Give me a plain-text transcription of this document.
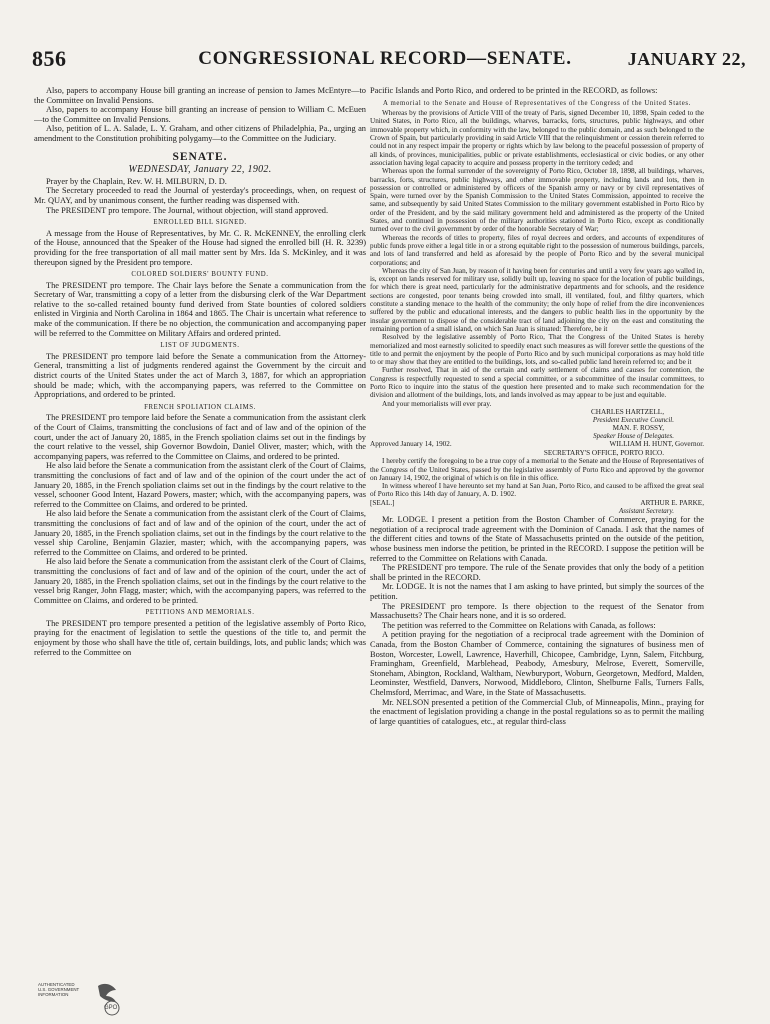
856	CONGRESSIONAL RECORD—SENATE.	JANUARY 22,

Also, papers to accompany House bill granting an increase of pension to James McEntyre—to the Committee on Invalid Pensions.

Also, papers to accompany House bill granting an increase of pension to William C. McEuen—to the Committee on Invalid Pensions.

Also, petition of L. A. Salade, L. Y. Graham, and other citizens of Philadelphia, Pa., urging an amendment to the Constitution prohibiting polygamy—to the Committee on the Judiciary.

SENATE.

WEDNESDAY, January 22, 1902.

Prayer by the Chaplain, Rev. W. H. MILBURN, D. D.

The Secretary proceeded to read the Journal of yesterday's proceedings, when, on request of Mr. QUAY, and by unanimous consent, the further reading was dispensed with.

The PRESIDENT pro tempore. The Journal, without objection, will stand approved.

ENROLLED BILL SIGNED.

A message from the House of Representatives, by Mr. C. R. McKENNEY, the enrolling clerk of the House, announced that the Speaker of the House had signed the enrolled bill (H. R. 3239) providing for the free transportation of all mail matter sent by Mrs. Ida S. McKinley, and it was thereupon signed by the President pro tempore.

COLORED SOLDIERS' BOUNTY FUND.

The PRESIDENT pro tempore. The Chair lays before the Senate a communication from the Secretary of War, transmitting a copy of a letter from the disbursing clerk of the War Department relative to the so-called retained bounty fund derived from State bounties of colored soldiers enlisted in Virginia and North Carolina in 1864 and 1865. The Chair is uncertain what reference to make of the communication. If there be no objection, the communication and accompanying paper will be referred to the Committee on Military Affairs and ordered printed.

LIST OF JUDGMENTS.

The PRESIDENT pro tempore laid before the Senate a communication from the Attorney-General, transmitting a list of judgments rendered against the Government by the circuit and district courts of the United States under the act of March 3, 1887, for which an appropriation should be made; which, with the accompanying papers, was referred to the Committee on Appropriations, and ordered to be printed.

FRENCH SPOLIATION CLAIMS.

The PRESIDENT pro tempore laid before the Senate a communication from the assistant clerk of the Court of Claims, transmitting the conclusions of fact and of law and of the opinion of the court, under the act of January 20, 1885, in the French spoliation claims set out in the findings by the court relative to the vessel, ship Governor Bowdoin, Daniel Oliver, master; which, with the accompanying papers, was referred to the Committee on Claims, and ordered to be printed.

He also laid before the Senate a communication from the assistant clerk of the Court of Claims, transmitting the conclusions of fact and of law and of the opinion of the court under the act of January 20, 1885, in the French spoliation claims set out in the findings by the court relative to the vessel, schooner Good Intent, Hazard Powers, master; which, with the accompanying papers, was referred to the Committee on Claims, and ordered to be printed.

He also laid before the Senate a communication from the assistant clerk of the Court of Claims, transmitting the conclusions of fact and of law and of the opinion of the court, under the act of January 20, 1885, in the French spoliation claims, set out in the findings by the court relative to the vessel ship Caroline, Benjamin Glazier, master; which, with the accompanying papers, was referred to the Committee on Claims, and ordered to be printed.

He also laid before the Senate a communication from the assistant clerk of the Court of Claims, transmitting the conclusions of fact and of law and of the opinion of the court, under the act of January 20, 1885, in the French spoliation claims, set out in the findings by the court relative to the vessel brig Ranger, John Flagg, master; which, with the accompanying papers, was referred to the Committee on Claims, and ordered to be printed.

PETITIONS AND MEMORIALS.

The PRESIDENT pro tempore presented a petition of the legislative assembly of Porto Rico, praying for the enactment of legislation to settle the questions of the title to, and permit the enjoyment by those who shall have the title of, certain buildings, lots, and public lands; which was referred to the Committee on

Pacific Islands and Porto Rico, and ordered to be printed in the RECORD, as follows:

A memorial to the Senate and House of Representatives of the Congress of the United States.

Whereas by the provisions of Article VIII of the treaty of Paris, signed December 10, 1898, Spain ceded to the United States, in Porto Rico, all the buildings, wharves, barracks, forts, structures, public highways, and other immovable property which, in conformity with the law, belonged to the public domain, and as such belonged to the Crown of Spain, but particularly providing in said Article VIII that the relinquishment or cession therein referred to could not in any respect impair the property or rights which by law belong to the peaceful possession of property of all kinds, of provinces, municipalities, public or private establishments, ecclesiastical or civic bodies, or any other association having legal capacity to acquire and possess property in the territory ceded; and

Whereas upon the formal surrender of the sovereignty of Porto Rico, October 18, 1898, all buildings, wharves, barracks, forts, structures, public highways, and other immovable property, including lands and lots, then in possession or controlled or administered by officers of the Spanish army or navy or by civil representatives of Spain, were turned over by the Spanish Commission to the United States Commission, appointed to receive the same, and subsequently by said United States Commission to the military government established in Porto Rico by order of the President, and by the said military government held and administered as the property of the United States, and continued in possession of the military authorities stationed in Porto Rico, except as conditionally turned over to the civil government by order of the honorable Secretary of War;

Whereas the records of titles to property, files of royal decrees and orders, and accounts of expenditures of public funds prove either a legal title in or a strong equitable right to the possession of numerous buildings, parcels, and lots of land transferred and held as aforesaid by the people of Porto Rico and by the several municipal corporations; and

Whereas the city of San Juan, by reason of it having been for centuries and until a very few years ago walled in, is, except on lands reserved for military use, solidly built up, leaving no space for the location of public buildings, for which there is great need, particularly for the administrative departments and for schools, and the residence sections are congested, poor tenants being crowded into small, ill ventilated, foul, and filthy quarters, which constitute a standing menace to the health of the community; the only hope of relief from the dire inconveniences suffered by the public and educational interests, and the dangers to public health lies in the opportunity by the insular government to dispose of the considerable tract of land adjoining the city on the east and constituting the remaining portion of a small island, on which San Juan is situated: Therefore, be it

Resolved by the legislative assembly of Porto Rico, That the Congress of the United States is hereby memorialized and most earnestly solicited to speedily enact such measures as will forever settle the questions of the title to and permit the enjoyment by the people of Porto Rico and by such municipal corporations as may hold title to or may show that they are entitled to the buildings, lots, and so-called public land herein referred to; and be it

Further resolved, That in aid of the certain and early settlement of claims and causes for contention, the Congress is respectfully requested to send a special committee, or a subcommittee of the insular committees, to Porto Rico to inquire into the status of the question here presented and to make such recommendation for the division and allotment of the buildings, lots, and lands involved as may appear to be just and equitable.

And your memorialists will ever pray.

CHARLES HARTZELL,

President Executive Council.

MAN. F. ROSSY,

Speaker House of Delegates.

Approved January 14, 1902.	WILLIAM H. HUNT, Governor.

SECRETARY'S OFFICE, PORTO RICO.

I hereby certify the foregoing to be a true copy of a memorial to the Senate and the House of Representatives of the Congress of the United States, passed by the legislative assembly of Porto Rico and approved by the governor on January 14, 1902, the original of which is on file in this office.

In witness whereof I have hereunto set my hand at San Juan, Porto Rico, and caused to be affixed the great seal of Porto Rico this 14th day of January, A. D. 1902.

[SEAL.]	ARTHUR E. PARKE,

Assistant Secretary.

Mr. LODGE. I present a petition from the Boston Chamber of Commerce, praying for the negotiation of a reciprocal trade agreement with the Dominion of Canada. I ask that the names of the different cities and towns of the State of Massachusetts printed on the outside of the petition, whose business men indorse the petition, be printed in the RECORD. I suppose the petition will be referred to the Committee on Relations with Canada.

The PRESIDENT pro tempore. The rule of the Senate provides that only the body of a petition shall be printed in the RECORD.

Mr. LODGE. It is not the names that I am asking to have printed, but simply the sources of the petition.

The PRESIDENT pro tempore. Is there objection to the request of the Senator from Massachusetts? The Chair hears none, and it is so ordered.

The petition was referred to the Committee on Relations with Canada, as follows:

A petition praying for the negotiation of a reciprocal trade agreement with the Dominion of Canada, from the Boston Chamber of Commerce, containing the signatures of business men of Boston, Worcester, Lowell, Lawrence, Haverhill, Chicopee, Cambridge, Lynn, Salem, Fitchburg, Framingham, Greenfield, Marblehead, Peabody, Amesbury, Melrose, Everett, Somerville, Stoneham, Abington, Rockland, Waltham, Newburyport, Woburn, Georgetown, Medford, Malden, Leominster, Westfield, Danvers, Norwood, Middleboro, Clinton, Shelburne Falls, Turners Falls, Chelmsford, Merrimac, and Ware, in the State of Massachusetts.

Mr. NELSON presented a petition of the Commercial Club, of Minneapolis, Minn., praying for the enactment of legislation providing a change in the postal regulations so as to permit the mailing of large quantities of catalogues, etc., at regular third-class

AUTHENTICATED
U.S. GOVERNMENT
INFORMATION
GPO
